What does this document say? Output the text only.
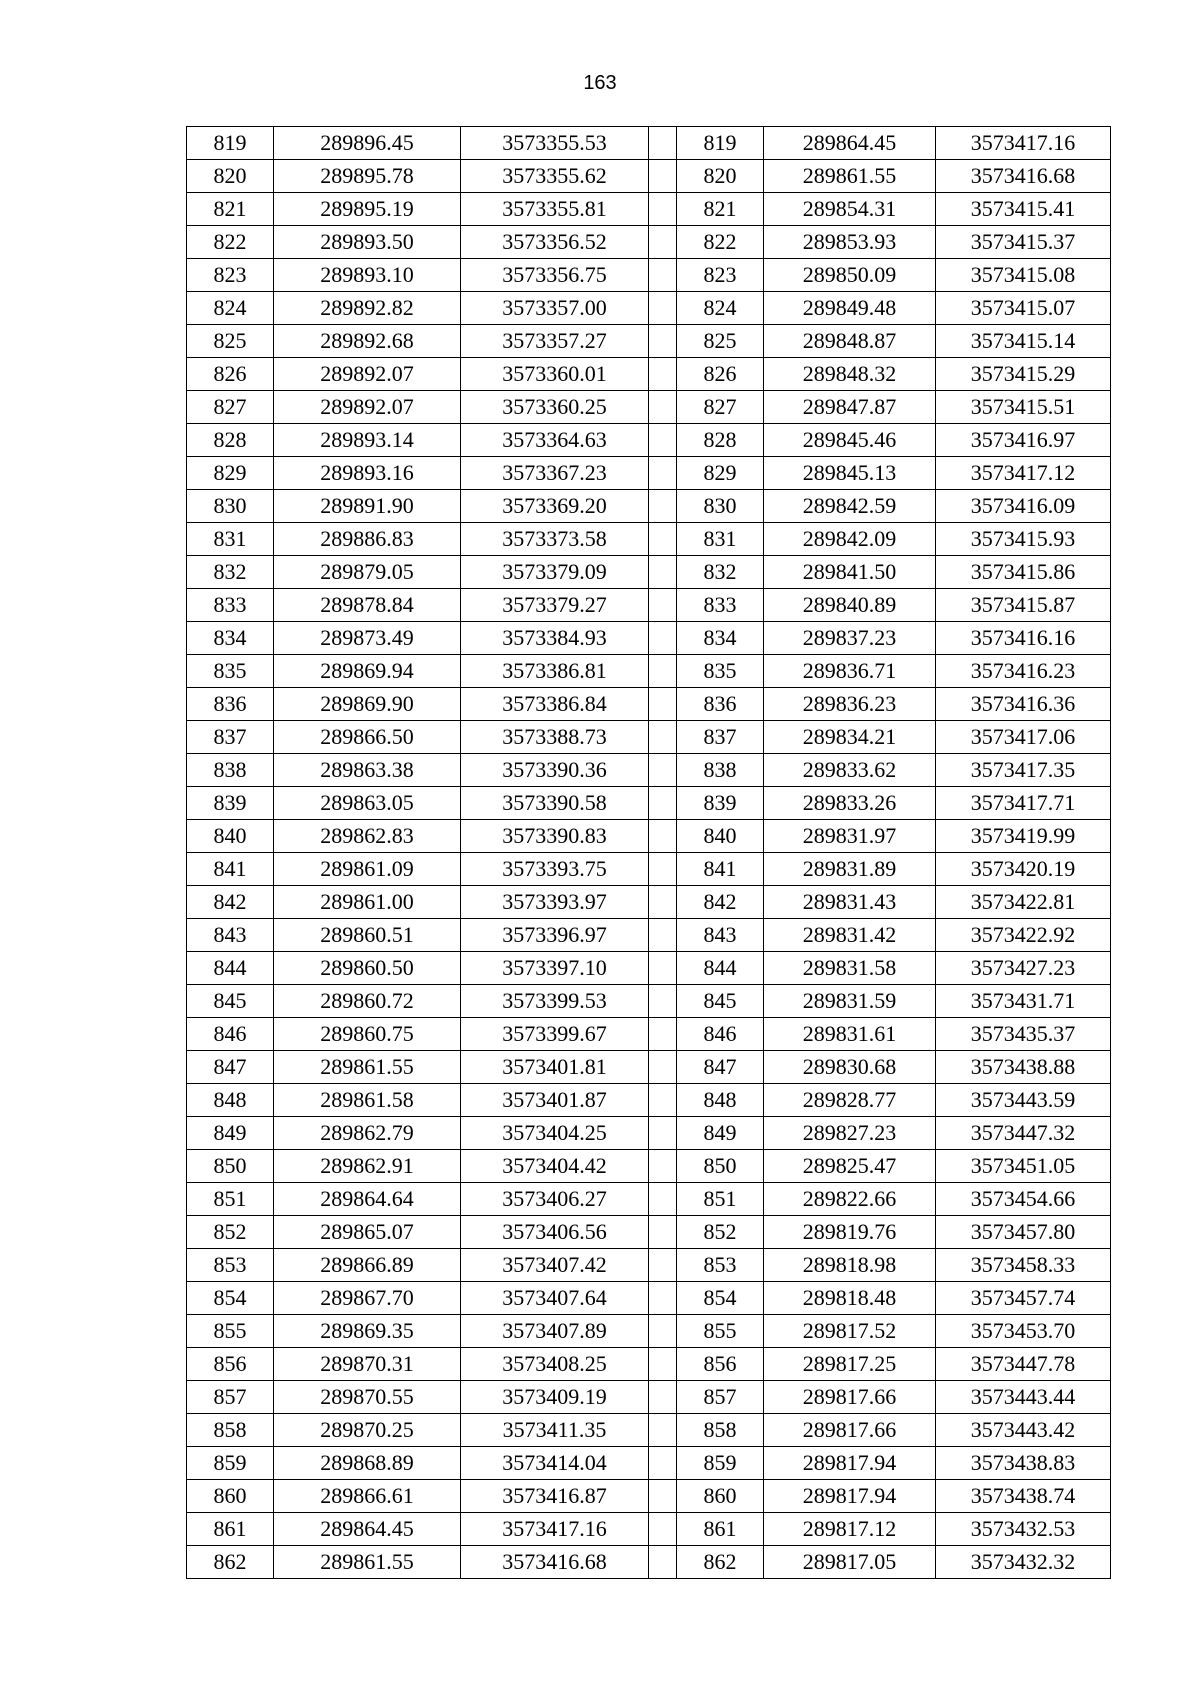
163
819	289896.45	3573355.53		819	289864.45	3573417.16
820	289895.78	3573355.62		820	289861.55	3573416.68
821	289895.19	3573355.81		821	289854.31	3573415.41
822	289893.50	3573356.52		822	289853.93	3573415.37
823	289893.10	3573356.75		823	289850.09	3573415.08
824	289892.82	3573357.00		824	289849.48	3573415.07
825	289892.68	3573357.27		825	289848.87	3573415.14
826	289892.07	3573360.01		826	289848.32	3573415.29
827	289892.07	3573360.25		827	289847.87	3573415.51
828	289893.14	3573364.63		828	289845.46	3573416.97
829	289893.16	3573367.23		829	289845.13	3573417.12
830	289891.90	3573369.20		830	289842.59	3573416.09
831	289886.83	3573373.58		831	289842.09	3573415.93
832	289879.05	3573379.09		832	289841.50	3573415.86
833	289878.84	3573379.27		833	289840.89	3573415.87
834	289873.49	3573384.93		834	289837.23	3573416.16
835	289869.94	3573386.81		835	289836.71	3573416.23
836	289869.90	3573386.84		836	289836.23	3573416.36
837	289866.50	3573388.73		837	289834.21	3573417.06
838	289863.38	3573390.36		838	289833.62	3573417.35
839	289863.05	3573390.58		839	289833.26	3573417.71
840	289862.83	3573390.83		840	289831.97	3573419.99
841	289861.09	3573393.75		841	289831.89	3573420.19
842	289861.00	3573393.97		842	289831.43	3573422.81
843	289860.51	3573396.97		843	289831.42	3573422.92
844	289860.50	3573397.10		844	289831.58	3573427.23
845	289860.72	3573399.53		845	289831.59	3573431.71
846	289860.75	3573399.67		846	289831.61	3573435.37
847	289861.55	3573401.81		847	289830.68	3573438.88
848	289861.58	3573401.87		848	289828.77	3573443.59
849	289862.79	3573404.25		849	289827.23	3573447.32
850	289862.91	3573404.42		850	289825.47	3573451.05
851	289864.64	3573406.27		851	289822.66	3573454.66
852	289865.07	3573406.56		852	289819.76	3573457.80
853	289866.89	3573407.42		853	289818.98	3573458.33
854	289867.70	3573407.64		854	289818.48	3573457.74
855	289869.35	3573407.89		855	289817.52	3573453.70
856	289870.31	3573408.25		856	289817.25	3573447.78
857	289870.55	3573409.19		857	289817.66	3573443.44
858	289870.25	3573411.35		858	289817.66	3573443.42
859	289868.89	3573414.04		859	289817.94	3573438.83
860	289866.61	3573416.87		860	289817.94	3573438.74
861	289864.45	3573417.16		861	289817.12	3573432.53
862	289861.55	3573416.68		862	289817.05	3573432.32
